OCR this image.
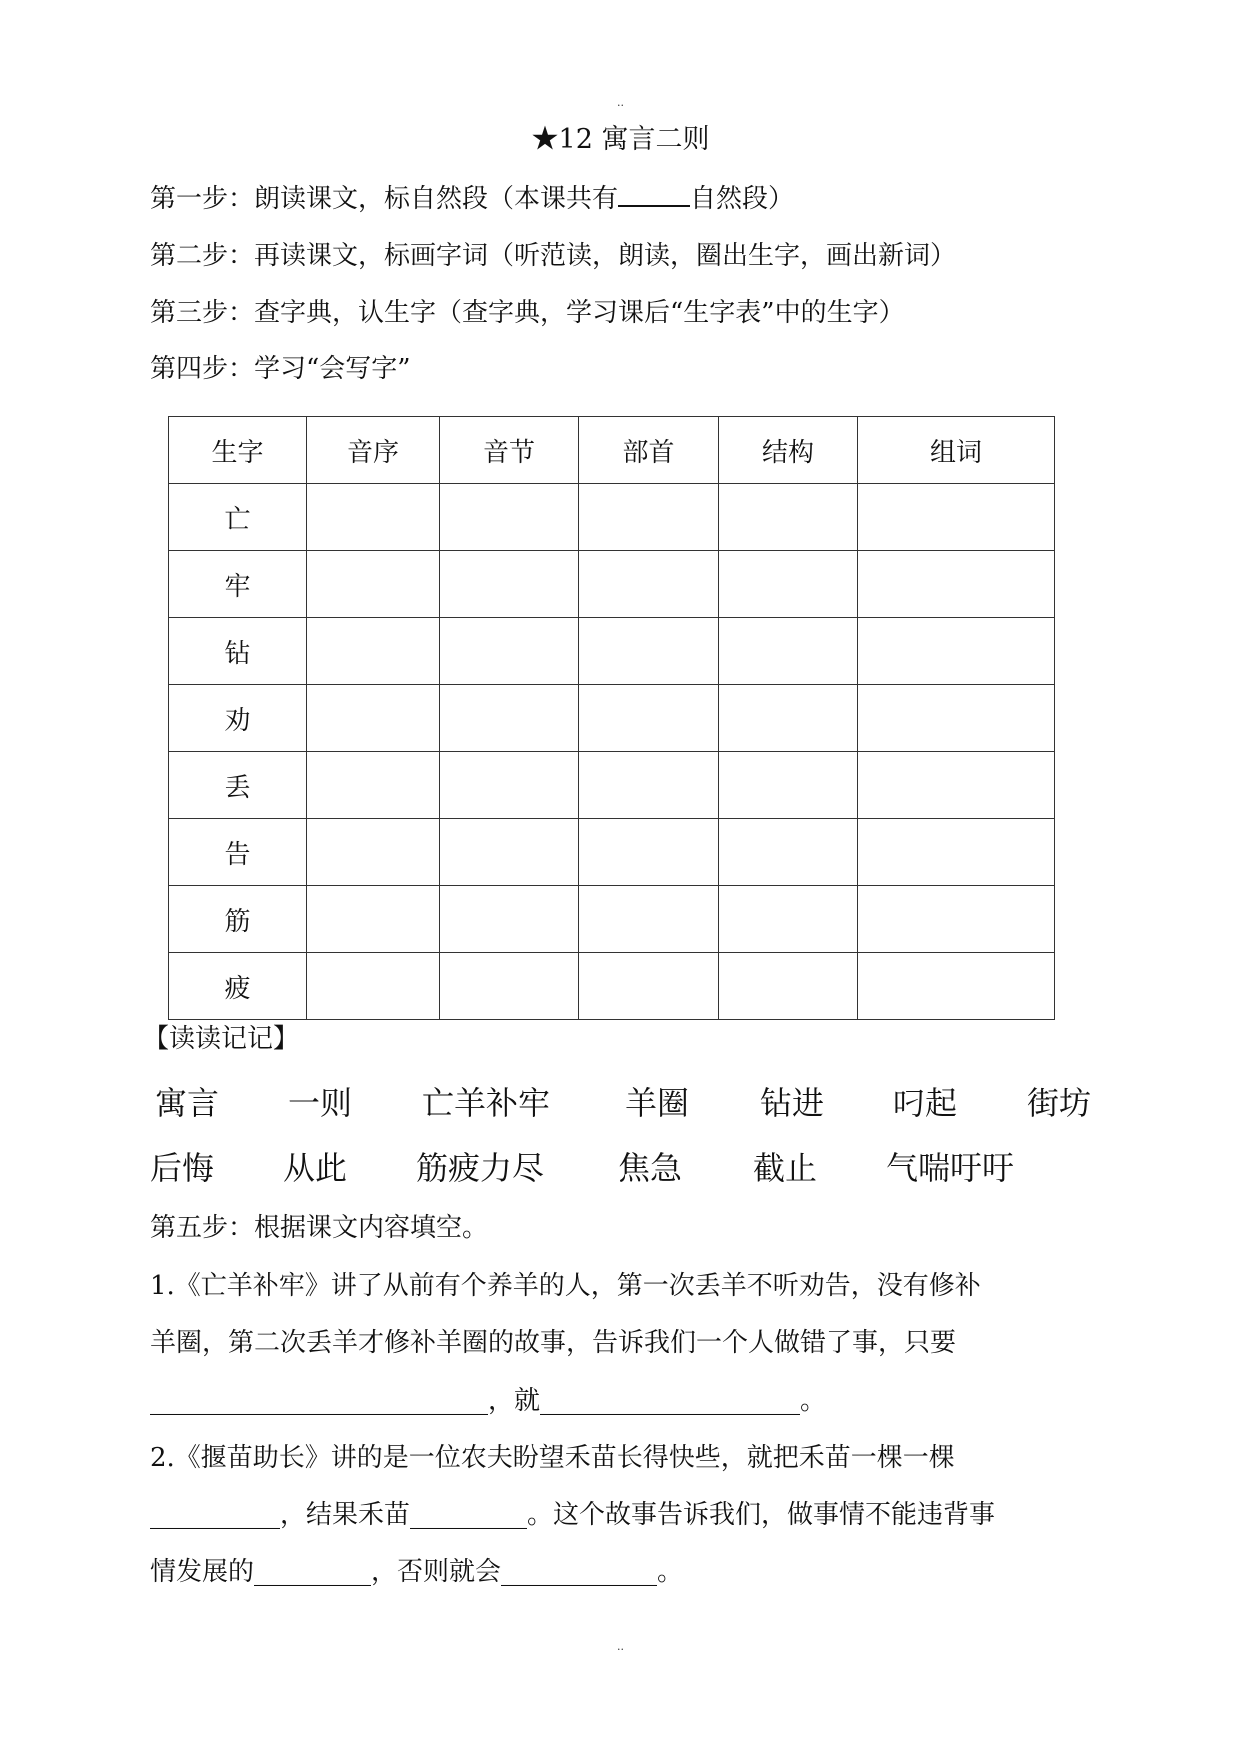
..
★12 寓言二则
第一步：朗读课文，标自然段（本课共有	自然段）
第二步：再读课文，标画字词（听范读，朗读，圈出生字，画出新词）
第三步：查字典，认生字（查字典，学习课后“生字表”中的生字）
第四步：学习“会写字”
生字	音序	音节	部首	结构	组词
亡					
牢					
钻					
劝					
丢					
告					
筋					
疲					
【读读记记】
寓言 一则 亡羊补牢 羊圈 钻进 叼起 街坊
后悔 从此 筋疲力尽 焦急 截止 气喘吁吁
第五步：根据课文内容填空。
1.《亡羊补牢》讲了从前有个养羊的人，第一次丢羊不听劝告，没有修补
羊圈，第二次丢羊才修补羊圈的故事，告诉我们一个人做错了事，只要
__________________________，就____________________。
2.《揠苗助长》讲的是一位农夫盼望禾苗长得快些，就把禾苗一棵一棵
__________，结果禾苗_________。这个故事告诉我们，做事情不能违背事
情发展的_________，否则就会____________。
..
